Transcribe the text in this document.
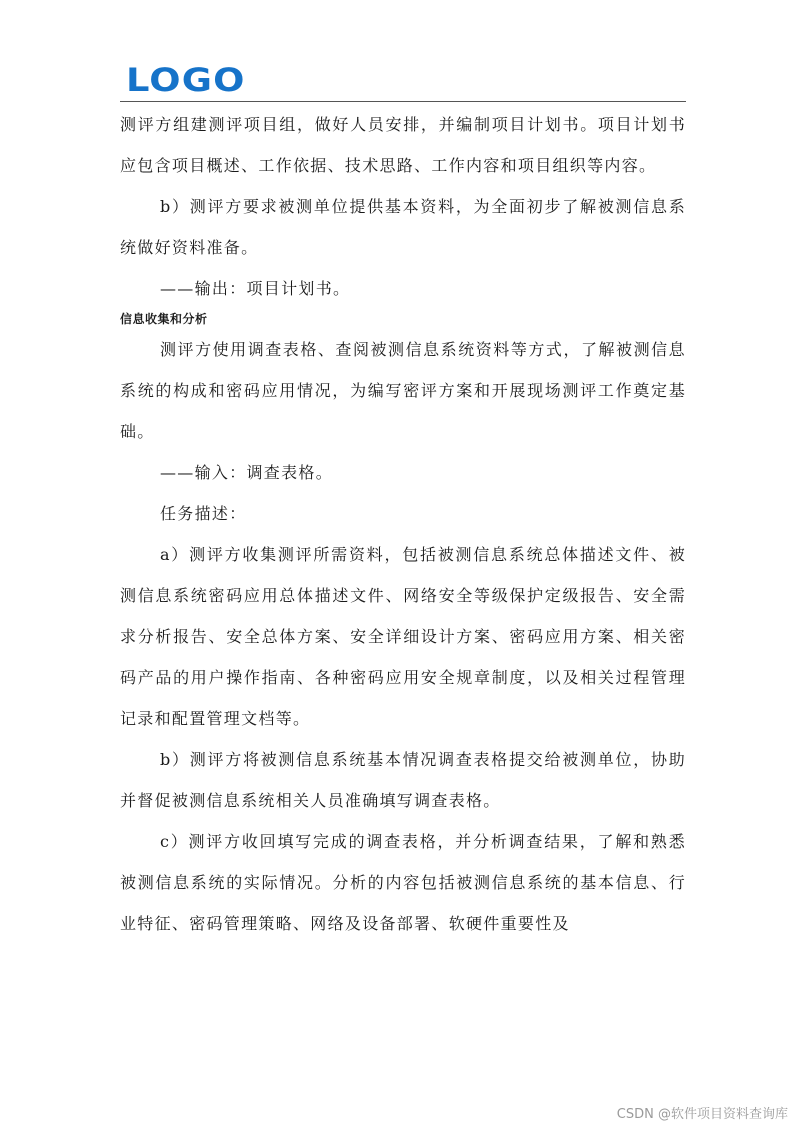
LOGO

测评方组建测评项目组，做好人员安排，并编制项目计划书。项目计划书应包含项目概述、工作依据、技术思路、工作内容和项目组织等内容。

b）测评方要求被测单位提供基本资料，为全面初步了解被测信息系统做好资料准备。

——输出：项目计划书。

信息收集和分析

测评方使用调查表格、查阅被测信息系统资料等方式，了解被测信息系统的构成和密码应用情况，为编写密评方案和开展现场测评工作奠定基础。

——输入：调查表格。

任务描述：

a）测评方收集测评所需资料，包括被测信息系统总体描述文件、被测信息系统密码应用总体描述文件、网络安全等级保护定级报告、安全需求分析报告、安全总体方案、安全详细设计方案、密码应用方案、相关密码产品的用户操作指南、各种密码应用安全规章制度，以及相关过程管理记录和配置管理文档等。

b）测评方将被测信息系统基本情况调查表格提交给被测单位，协助并督促被测信息系统相关人员准确填写调查表格。

c）测评方收回填写完成的调查表格，并分析调查结果，了解和熟悉被测信息系统的实际情况。分析的内容包括被测信息系统的基本信息、行业特征、密码管理策略、网络及设备部署、软硬件重要性及

CSDN @软件项目资料查询库
